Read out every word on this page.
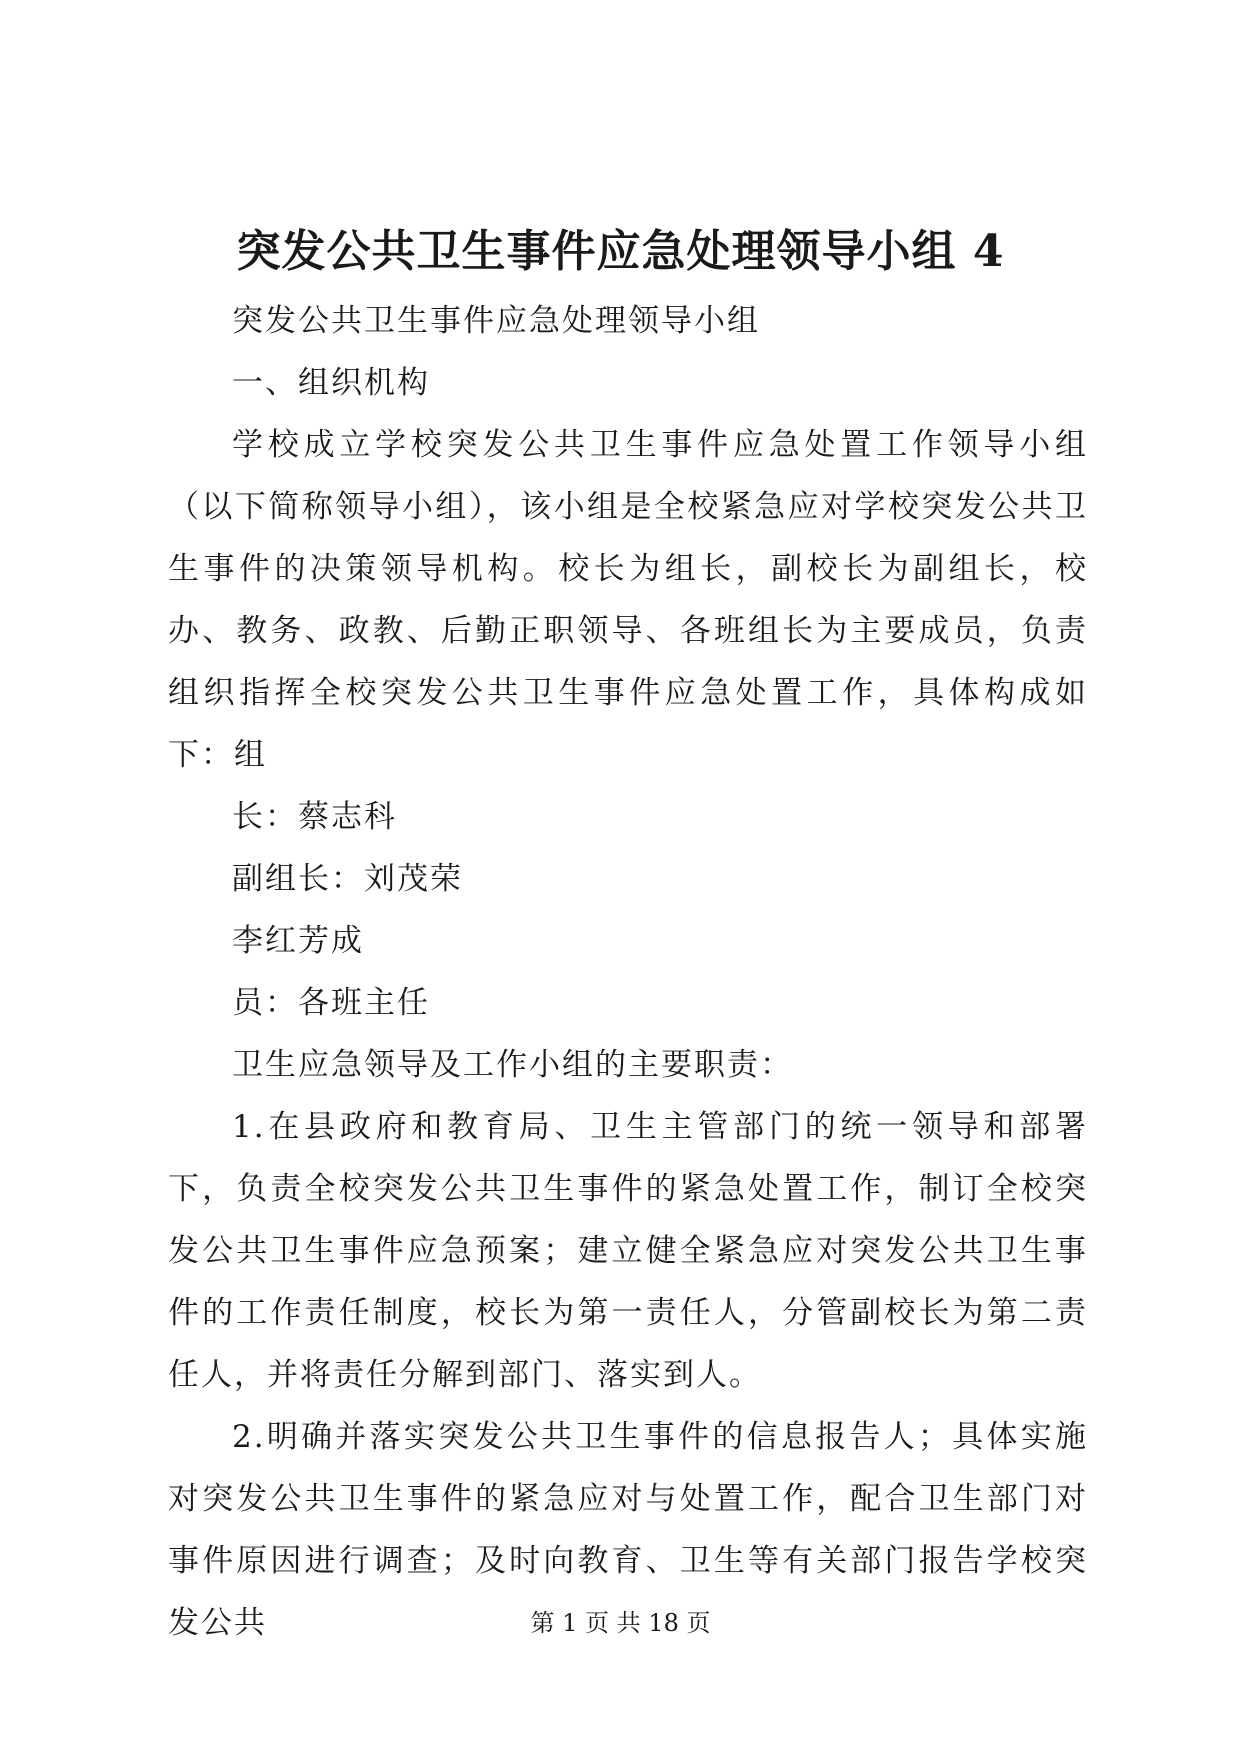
突发公共卫生事件应急处理领导小组 4

突发公共卫生事件应急处理领导小组

一、组织机构

学校成立学校突发公共卫生事件应急处置工作领导小组（以下简称领导小组），该小组是全校紧急应对学校突发公共卫生事件的决策领导机构。校长为组长，副校长为副组长，校办、教务、政教、后勤正职领导、各班组长为主要成员，负责组织指挥全校突发公共卫生事件应急处置工作，具体构成如下：组

长：蔡志科

副组长：刘茂荣

李红芳成

员：各班主任

卫生应急领导及工作小组的主要职责：

1.在县政府和教育局、卫生主管部门的统一领导和部署下，负责全校突发公共卫生事件的紧急处置工作，制订全校突发公共卫生事件应急预案；建立健全紧急应对突发公共卫生事件的工作责任制度，校长为第一责任人，分管副校长为第二责任人，并将责任分解到部门、落实到人。

2.明确并落实突发公共卫生事件的信息报告人；具体实施对突发公共卫生事件的紧急应对与处置工作，配合卫生部门对事件原因进行调查；及时向教育、卫生等有关部门报告学校突发公共	第 1 页 共 18 页
